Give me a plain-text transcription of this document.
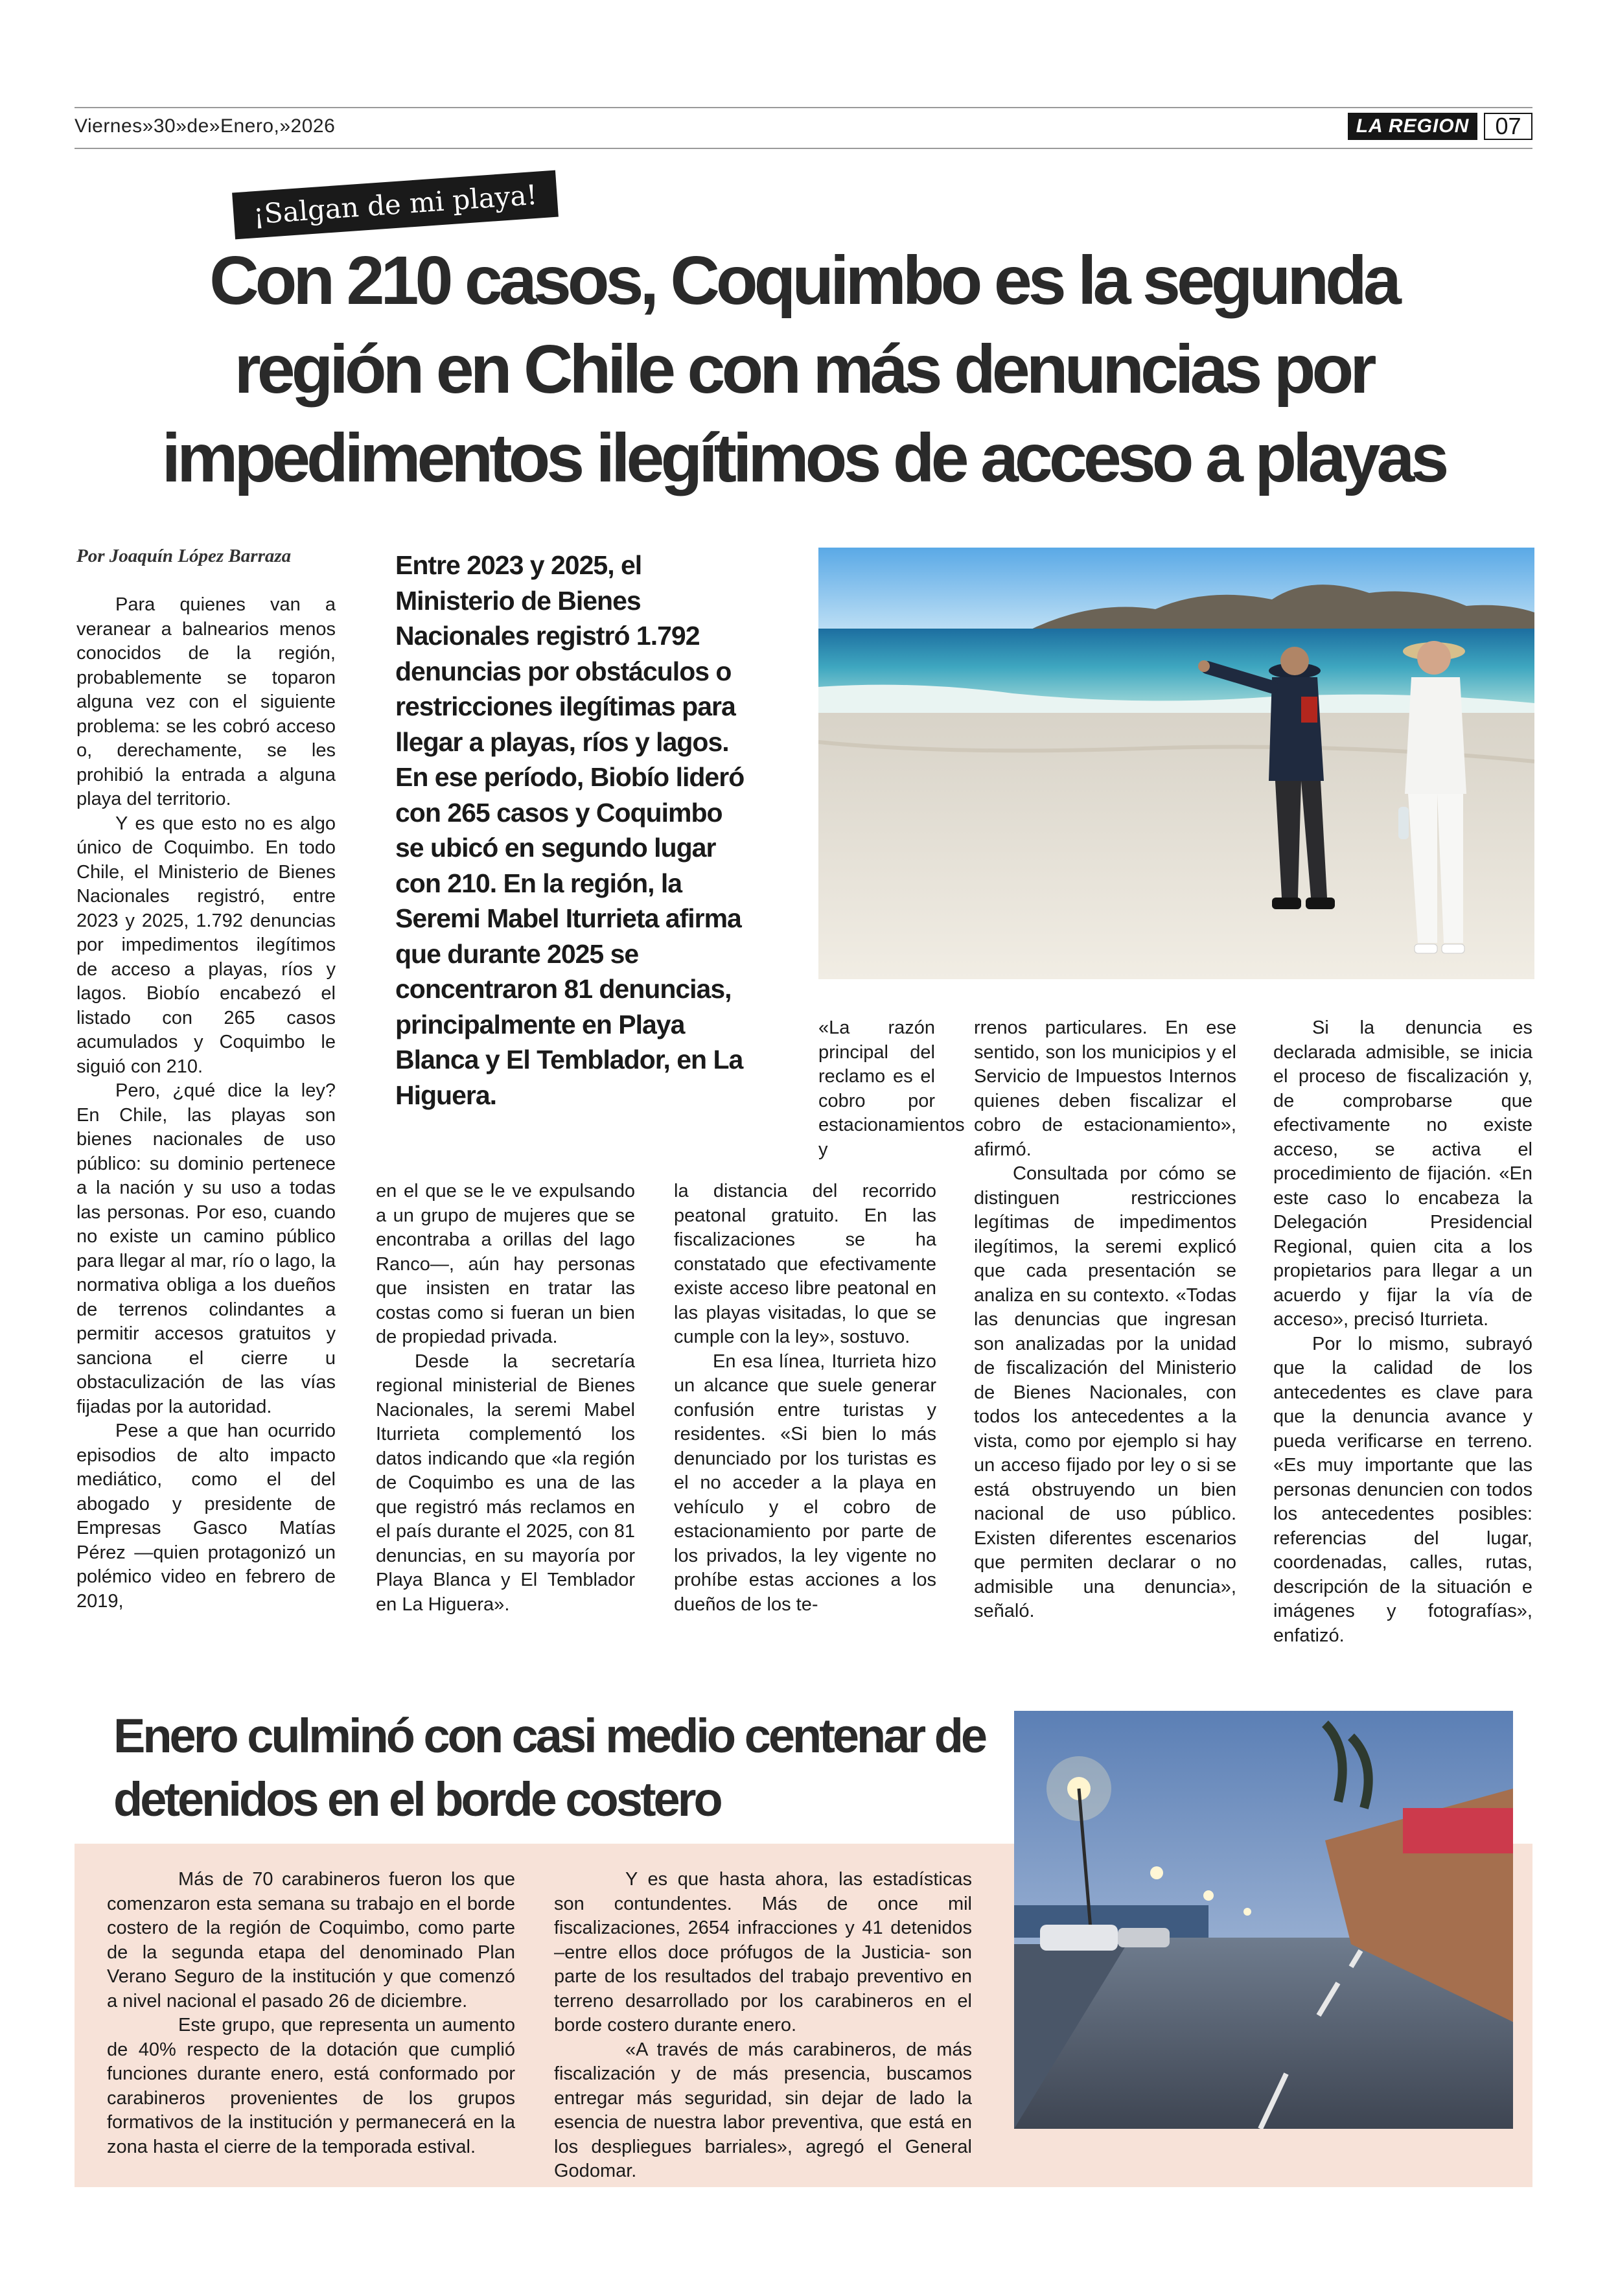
Viernes»30»de»Enero,»2026	LA REGION	07
¡Salgan de mi playa!
Con 210 casos, Coquimbo es la segunda región en Chile con más denuncias por impedimentos ilegítimos de acceso a playas
Por Joaquín López Barraza

Para quienes van a veranear a balnearios menos conocidos de la región, probablemente se toparon alguna vez con el siguiente problema: se les cobró acceso o, derechamente, se les prohibió la entrada a alguna playa del territorio.

Y es que esto no es algo único de Coquimbo. En todo Chile, el Ministerio de Bienes Nacionales registró, entre 2023 y 2025, 1.792 denuncias por impedimentos ilegítimos de acceso a playas, ríos y lagos. Biobío encabezó el listado con 265 casos acumulados y Coquimbo le siguió con 210.

Pero, ¿qué dice la ley? En Chile, las playas son bienes nacionales de uso público: su dominio pertenece a la nación y su uso a todas las personas. Por eso, cuando no existe un camino público para llegar al mar, río o lago, la normativa obliga a los dueños de terrenos colindantes a permitir accesos gratuitos y sanciona el cierre u obstaculización de las vías fijadas por la autoridad.

Pese a que han ocurrido episodios de alto impacto mediático, como el del abogado y presidente de Empresas Gasco Matías Pérez —quien protagonizó un polémico video en febrero de 2019,

Entre 2023 y 2025, el Ministerio de Bienes Nacionales registró 1.792 denuncias por obstáculos o restricciones ilegítimas para llegar a playas, ríos y lagos. En ese período, Biobío lideró con 265 casos y Coquimbo se ubicó en segundo lugar con 210. En la región, la Seremi Mabel Iturrieta afirma que durante 2025 se concentraron 81 denuncias, principalmente en Playa Blanca y El Temblador, en La Higuera.

en el que se le ve expulsando a un grupo de mujeres que se encontraba a orillas del lago Ranco—, aún hay personas que insisten en tratar las costas como si fueran un bien de propiedad privada.

Desde la secretaría regional ministerial de Bienes Nacionales, la seremi Mabel Iturrieta complementó los datos indicando que «la región de Coquimbo es una de las que registró más reclamos en el país durante el 2025, con 81 denuncias, en su mayoría por Playa Blanca y El Temblador en La Higuera».

«La razón principal del reclamo es el cobro por estacionamientos y

la distancia del recorrido peatonal gratuito. En las fiscalizaciones se ha constatado que efectivamente existe acceso libre peatonal en las playas visitadas, lo que se cumple con la ley», sostuvo.

En esa línea, Iturrieta hizo un alcance que suele generar confusión entre turistas y residentes. «Si bien lo más denunciado por los turistas es el no acceder a la playa en vehículo y el cobro de estacionamiento por parte de los privados, la ley vigente no prohíbe estas acciones a los dueños de los te-

rrenos particulares. En ese sentido, son los municipios y el Servicio de Impuestos Internos quienes deben fiscalizar el cobro de estacionamiento», afirmó.

Consultada por cómo se distinguen restricciones legítimas de impedimentos ilegítimos, la seremi explicó que cada presentación se analiza en su contexto. «Todas las denuncias que ingresan son analizadas por la unidad de fiscalización del Ministerio de Bienes Nacionales, con todos los antecedentes a la vista, como por ejemplo si hay un acceso fijado por ley o si se está obstruyendo un bien nacional de uso público. Existen diferentes escenarios que permiten declarar o no admisible una denuncia», señaló.

Si la denuncia es declarada admisible, se inicia el proceso de fiscalización y, de comprobarse que efectivamente no existe acceso, se activa el procedimiento de fijación. «En este caso lo encabeza la Delegación Presidencial Regional, quien cita a los propietarios para llegar a un acuerdo y fijar la vía de acceso», precisó Iturrieta.

Por lo mismo, subrayó que la calidad de los antecedentes es clave para que la denuncia avance y pueda verificarse en terreno. «Es muy importante que las personas denuncien con todos los antecedentes posibles: referencias del lugar, coordenadas, calles, rutas, descripción de la situación e imágenes y fotografías», enfatizó.

Enero culminó con casi medio centenar de detenidos en el borde costero

Más de 70 carabineros fueron los que comenzaron esta semana su trabajo en el borde costero de la región de Coquimbo, como parte de la segunda etapa del denominado Plan Verano Seguro de la institución y que comenzó a nivel nacional el pasado 26 de diciembre.

Este grupo, que representa un aumento de 40% respecto de la dotación que cumplió funciones durante enero, está conformado por carabineros provenientes de los grupos formativos de la institución y permanecerá en la zona hasta el cierre de la temporada estival.

Y es que hasta ahora, las estadísticas son contundentes. Más de once mil fiscalizaciones, 2654 infracciones y 41 detenidos –entre ellos doce prófugos de la Justicia- son parte de los resultados del trabajo preventivo en terreno desarrollado por los carabineros en el borde costero durante enero.

«A través de más carabineros, de más fiscalización y de más presencia, buscamos entregar más seguridad, sin dejar de lado la esencia de nuestra labor preventiva, que está en los despliegues barriales», agregó el General Godomar.
